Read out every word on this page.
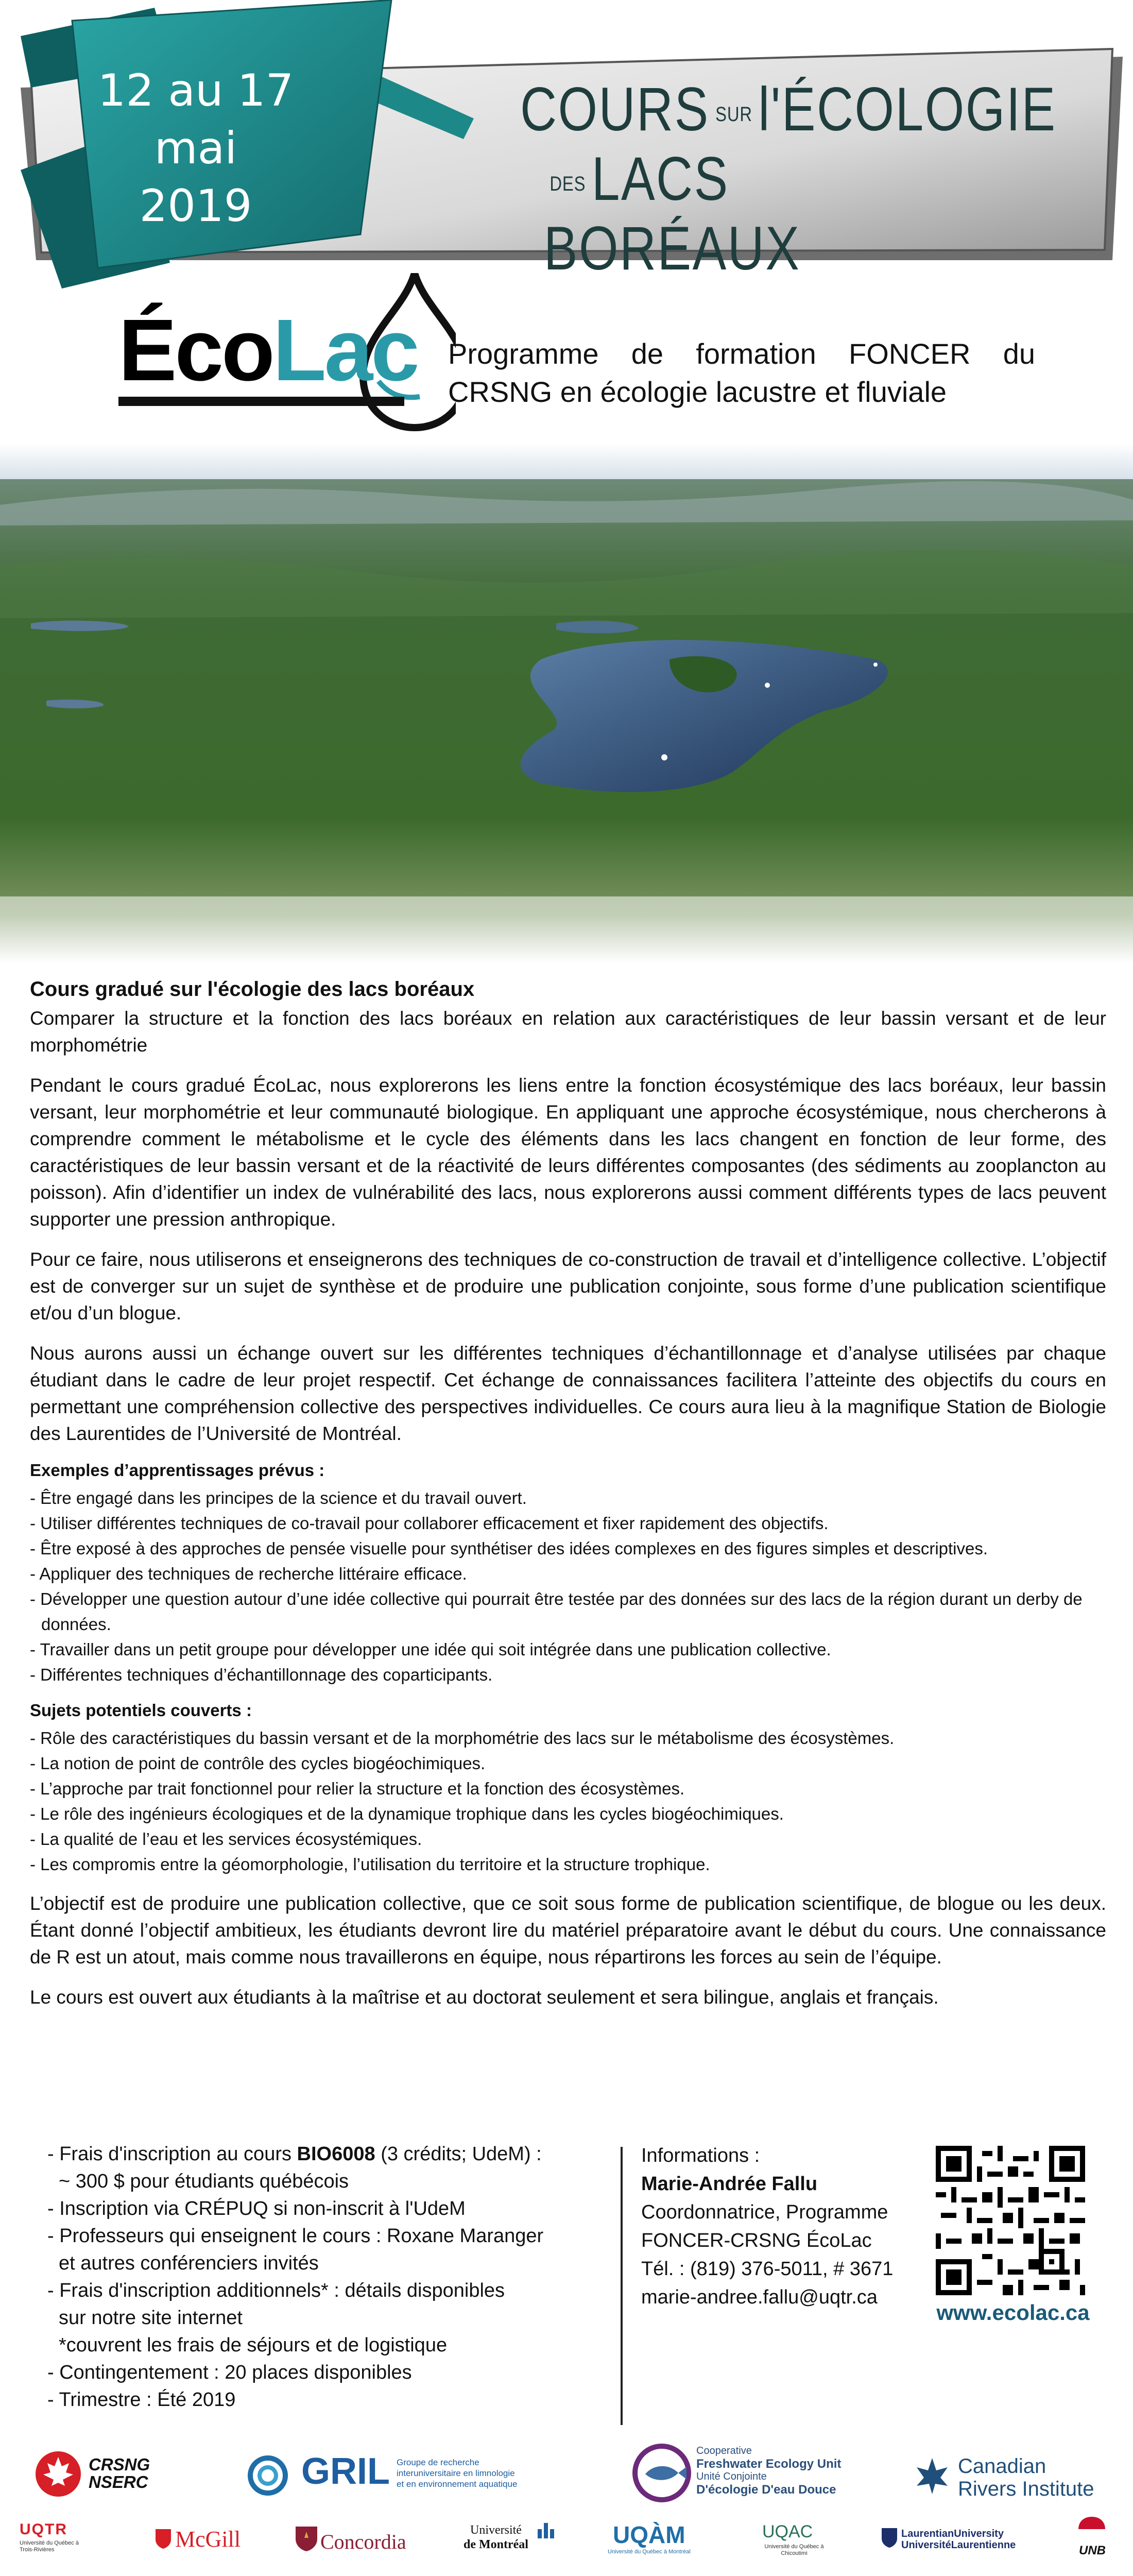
12 au 17
mai
2019
COURS SURl'ÉCOLOGIE
DESLACS BORÉAUX
ÉcoLac Programme de formation FONCER du CRSNG en écologie lacustre et fluviale
Cours gradué sur l'écologie des lacs boréaux

Comparer la structure et la fonction des lacs boréaux en relation aux caractéristiques de leur bassin versant et de leur morphométrie

Pendant le cours gradué ÉcoLac, nous explorerons les liens entre la fonction écosystémique des lacs boréaux, leur bassin versant, leur morphométrie et leur communauté biologique. En appliquant une approche écosystémique, nous chercherons à comprendre comment le métabolisme et le cycle des éléments dans les lacs changent en fonction de leur forme, des caractéristiques de leur bassin versant et de la réactivité de leurs différentes composantes (des sédiments au zooplancton au poisson). Afin d’identifier un index de vulnérabilité des lacs, nous explorerons aussi comment différents types de lacs peuvent supporter une pression anthropique.

Pour ce faire, nous utiliserons et enseignerons des techniques de co-construction de travail et d’intelligence collective. L’objectif est de converger sur un sujet de synthèse et de produire une publication conjointe, sous forme d’une publication scientifique et/ou d’un blogue.

Nous aurons aussi un échange ouvert sur les différentes techniques d’échantillonnage et d’analyse utilisées par chaque étudiant dans le cadre de leur projet respectif. Cet échange de connaissances facilitera l’atteinte des objectifs du cours en permettant une compréhension collective des perspectives individuelles. Ce cours aura lieu à la magnifique Station de Biologie des Laurentides de l’Université de Montréal.

Exemples d’apprentissages prévus :
- Être engagé dans les principes de la science et du travail ouvert.
- Utiliser différentes techniques de co-travail pour collaborer efficacement et fixer rapidement des objectifs.
- Être exposé à des approches de pensée visuelle pour synthétiser des idées complexes en des figures simples et descriptives.
- Appliquer des techniques de recherche littéraire efficace.
- Développer une question autour d’une idée collective qui pourrait être testée par des données sur des lacs de la région durant un derby de données.
- Travailler dans un petit groupe pour développer une idée qui soit intégrée dans une publication collective.
- Différentes techniques d’échantillonnage des coparticipants.
Sujets potentiels couverts :
- Rôle des caractéristiques du bassin versant et de la morphométrie des lacs sur le métabolisme des écosystèmes.
- La notion de point de contrôle des cycles biogéochimiques.
- L’approche par trait fonctionnel pour relier la structure et la fonction des écosystèmes.
- Le rôle des ingénieurs écologiques et de la dynamique trophique dans les cycles biogéochimiques.
- La qualité de l’eau et les services écosystémiques.
- Les compromis entre la géomorphologie, l’utilisation du territoire et la structure trophique.

L’objectif est de produire une publication collective, que ce soit sous forme de publication scientifique, de blogue ou les deux. Étant donné l’objectif ambitieux, les étudiants devront lire du matériel préparatoire avant le début du cours. Une connaissance de R est un atout, mais comme nous travaillerons en équipe, nous répartirons les forces au sein de l’équipe.

Le cours est ouvert aux étudiants à la maîtrise et au doctorat seulement et sera bilingue, anglais et français.

- Frais d'inscription au cours BIO6008 (3 crédits; UdeM) :
~ 300 $ pour étudiants québécois
- Inscription via CRÉPUQ si non-inscrit à l'UdeM
- Professeurs qui enseignent le cours : Roxane Maranger
et autres conférenciers invités
- Frais d'inscription additionnels* : détails disponibles
sur notre site internet
*couvrent les frais de séjours et de logistique
- Contingentement : 20 places disponibles
- Trimestre : Été 2019
Informations :
Marie-Andrée Fallu
Coordonnatrice, Programme
FONCER-CRSNG ÉcoLac
Tél. : (819) 376-5011, # 3671
marie-andree.fallu@uqtr.ca
www.ecolac.ca
CRSNG
NSERC	GRIL Groupe de recherche
interuniversitaire en limnologie
et en environnement aquatique
Cooperative
Freshwater Ecology Unit
Unité Conjointe
D'écologie D'eau Douce
Canadian
Rivers Institute
UQTR
Université du Québec à Trois-Rivières	McGill	Concordia	Université
de Montréal	UQÀM
Université du Québec à Montréal
UQAC
Université du Québec à Chicoutimi
LaurentianUniversity
UniversitéLaurentienne	UNB
